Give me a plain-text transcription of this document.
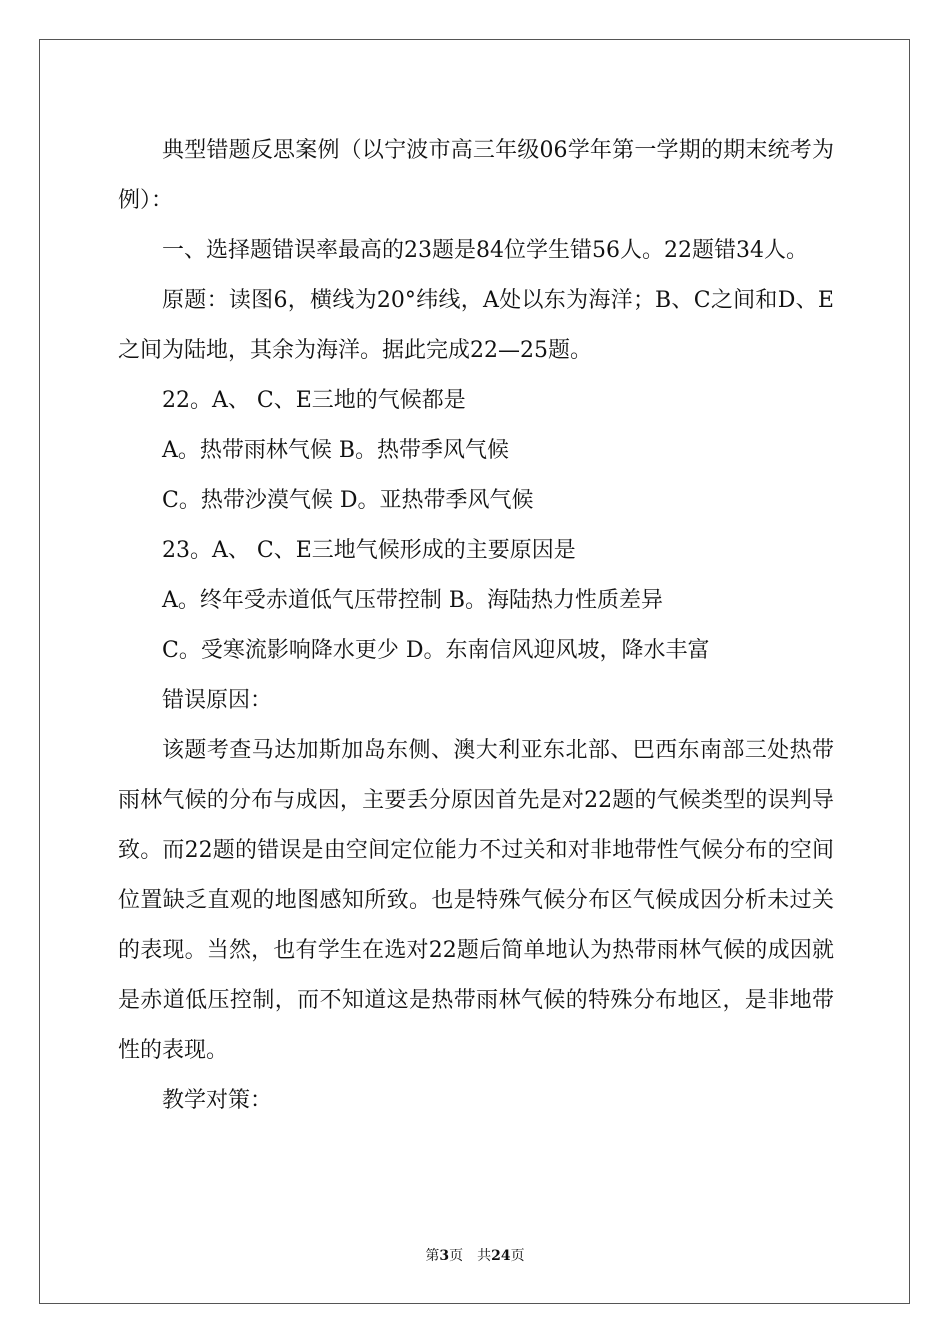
典型错题反思案例（以宁波市高三年级06学年第一学期的期末统考为例）：

一、选择题错误率最高的23题是84位学生错56人。22题错34人。

原题：读图6，横线为20°纬线，A处以东为海洋；B、C之间和D、E之间为陆地，其余为海洋。据此完成22—25题。

22。A、 C、E三地的气候都是

A。热带雨林气候 B。热带季风气候

C。热带沙漠气候 D。亚热带季风气候

23。A、 C、E三地气候形成的主要原因是

A。终年受赤道低气压带控制 B。海陆热力性质差异

C。受寒流影响降水更少 D。东南信风迎风坡，降水丰富

错误原因：

该题考查马达加斯加岛东侧、澳大利亚东北部、巴西东南部三处热带雨林气候的分布与成因，主要丢分原因首先是对22题的气候类型的误判导致。而22题的错误是由空间定位能力不过关和对非地带性气候分布的空间位置缺乏直观的地图感知所致。也是特殊气候分布区气候成因分析未过关的表现。当然，也有学生在选对22题后简单地认为热带雨林气候的成因就是赤道低压控制，而不知道这是热带雨林气候的特殊分布地区，是非地带性的表现。

教学对策：

第3页 共24页
